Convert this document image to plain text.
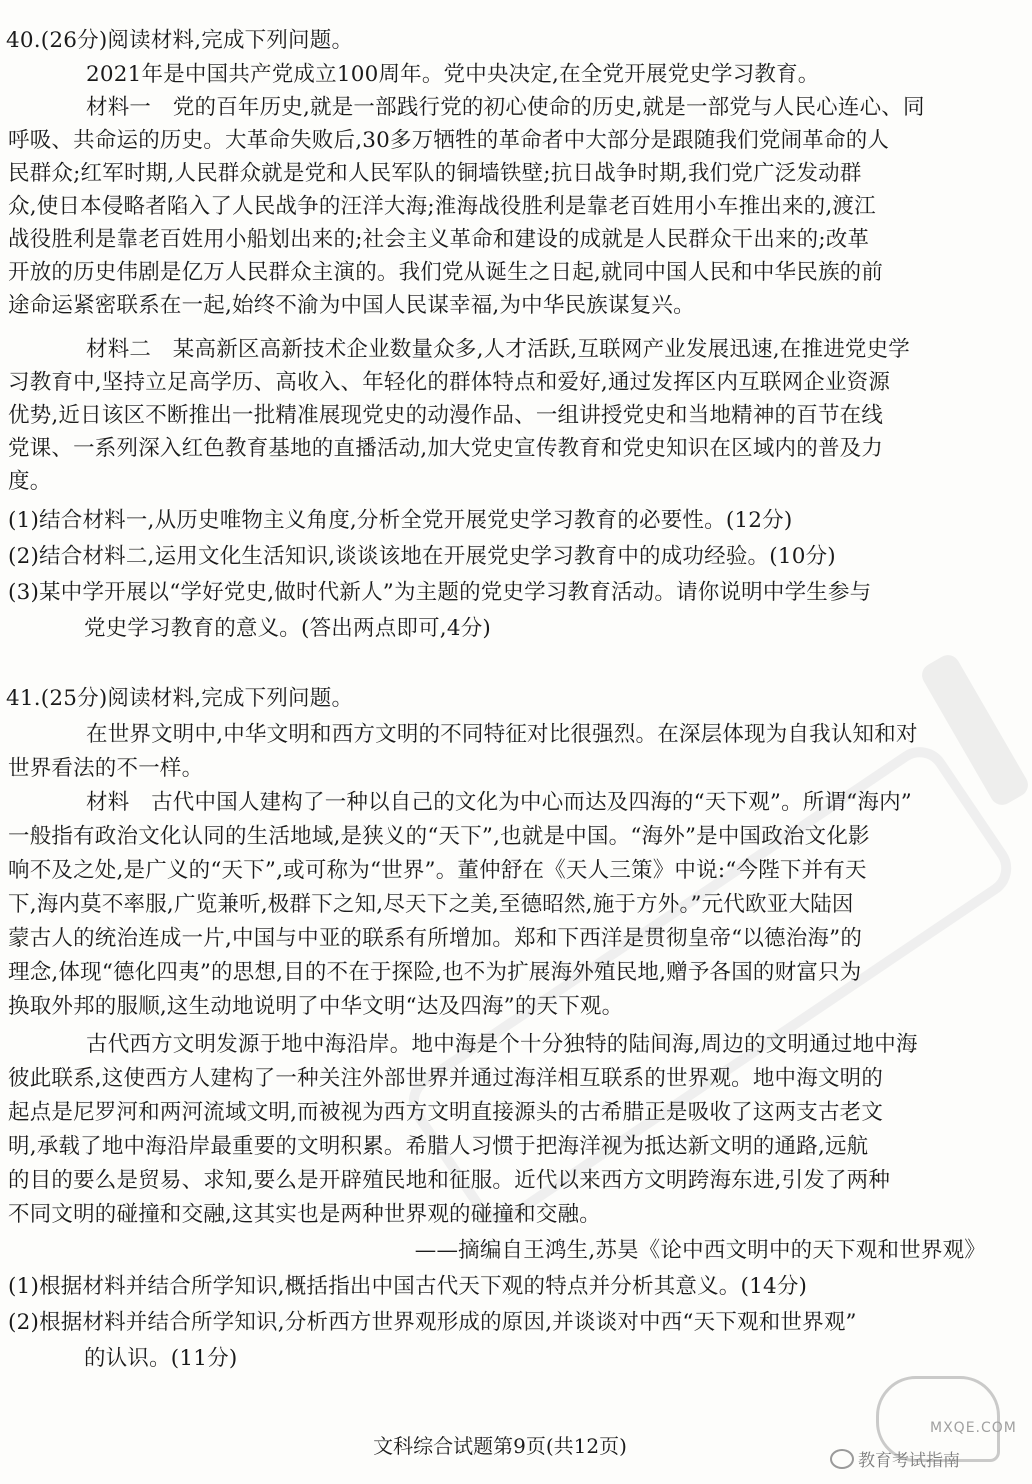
40.(26分)阅读材料,完成下列问题。
2021年是中国共产党成立100周年。党中央决定,在全党开展党史学习教育。
材料一　党的百年历史,就是一部践行党的初心使命的历史,就是一部党与人民心连心、同
呼吸、共命运的历史。大革命失败后,30多万牺牲的革命者中大部分是跟随我们党闹革命的人
民群众;红军时期,人民群众就是党和人民军队的铜墙铁壁;抗日战争时期,我们党广泛发动群
众,使日本侵略者陷入了人民战争的汪洋大海;淮海战役胜利是靠老百姓用小车推出来的,渡江
战役胜利是靠老百姓用小船划出来的;社会主义革命和建设的成就是人民群众干出来的;改革
开放的历史伟剧是亿万人民群众主演的。我们党从诞生之日起,就同中国人民和中华民族的前
途命运紧密联系在一起,始终不渝为中国人民谋幸福,为中华民族谋复兴。
材料二　某高新区高新技术企业数量众多,人才活跃,互联网产业发展迅速,在推进党史学
习教育中,坚持立足高学历、高收入、年轻化的群体特点和爱好,通过发挥区内互联网企业资源
优势,近日该区不断推出一批精准展现党史的动漫作品、一组讲授党史和当地精神的百节在线
党课、一系列深入红色教育基地的直播活动,加大党史宣传教育和党史知识在区域内的普及力
度。
(1)结合材料一,从历史唯物主义角度,分析全党开展党史学习教育的必要性。(12分)
(2)结合材料二,运用文化生活知识,谈谈该地在开展党史学习教育中的成功经验。(10分)
(3)某中学开展以“学好党史,做时代新人”为主题的党史学习教育活动。请你说明中学生参与
党史学习教育的意义。(答出两点即可,4分)
41.(25分)阅读材料,完成下列问题。
在世界文明中,中华文明和西方文明的不同特征对比很强烈。在深层体现为自我认知和对
世界看法的不一样。
材料　古代中国人建构了一种以自己的文化为中心而达及四海的“天下观”。所谓“海内”
一般指有政治文化认同的生活地域,是狭义的“天下”,也就是中国。“海外”是中国政治文化影
响不及之处,是广义的“天下”,或可称为“世界”。董仲舒在《天人三策》中说:“今陛下并有天
下,海内莫不率服,广览兼听,极群下之知,尽天下之美,至德昭然,施于方外。”元代欧亚大陆因
蒙古人的统治连成一片,中国与中亚的联系有所增加。郑和下西洋是贯彻皇帝“以德治海”的
理念,体现“德化四夷”的思想,目的不在于探险,也不为扩展海外殖民地,赠予各国的财富只为
换取外邦的服顺,这生动地说明了中华文明“达及四海”的天下观。
古代西方文明发源于地中海沿岸。地中海是个十分独特的陆间海,周边的文明通过地中海
彼此联系,这使西方人建构了一种关注外部世界并通过海洋相互联系的世界观。地中海文明的
起点是尼罗河和两河流域文明,而被视为西方文明直接源头的古希腊正是吸收了这两支古老文
明,承载了地中海沿岸最重要的文明积累。希腊人习惯于把海洋视为抵达新文明的通路,远航
的目的要么是贸易、求知,要么是开辟殖民地和征服。近代以来西方文明跨海东进,引发了两种
不同文明的碰撞和交融,这其实也是两种世界观的碰撞和交融。
——摘编自王鸿生,苏昊《论中西文明中的天下观和世界观》
(1)根据材料并结合所学知识,概括指出中国古代天下观的特点并分析其意义。(14分)
(2)根据材料并结合所学知识,分析西方世界观形成的原因,并谈谈对中西“天下观和世界观”
的认识。(11分)
文科综合试题第9页(共12页)
教育考试指南
MXQE.COM
